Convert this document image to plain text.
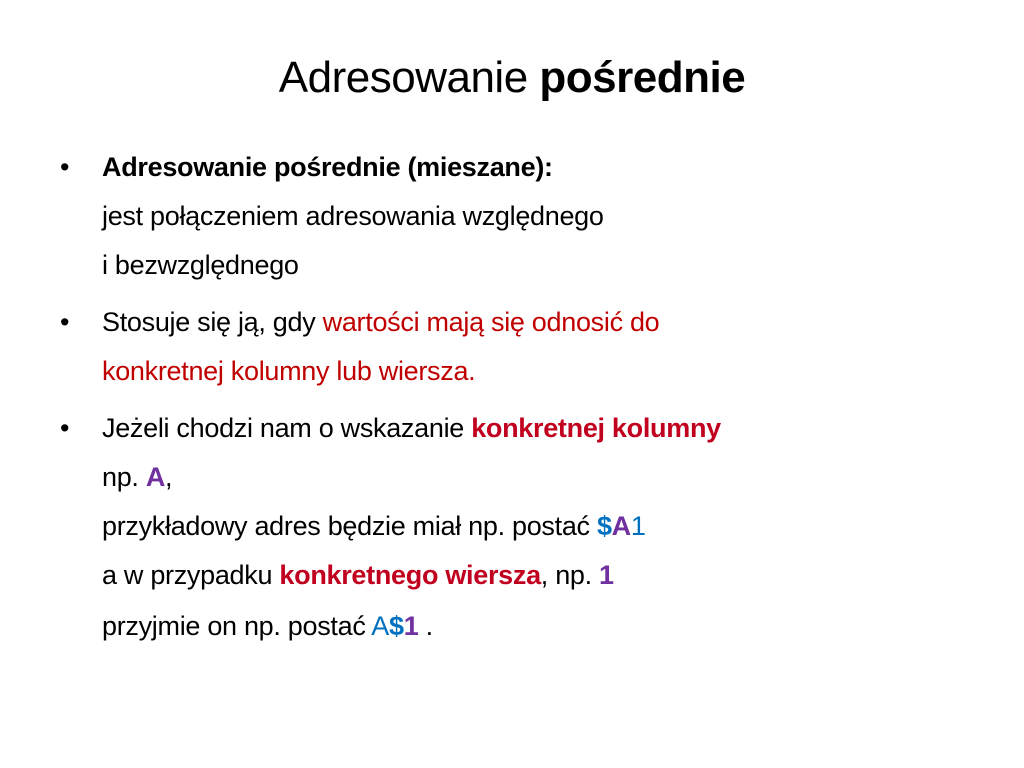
Adresowanie pośrednie
•	Adresowanie pośrednie (mieszane):
jest połączeniem adresowania względnego
i bezwzględnego
•	Stosuje się ją, gdy wartości mają się odnosić do
konkretnej kolumny lub wiersza.
•	Jeżeli chodzi nam o wskazanie konkretnej kolumny
np. A,
przykładowy adres będzie miał np. postać $A1
a w przypadku konkretnego wiersza, np. 1
przyjmie on np. postać A$1 .
